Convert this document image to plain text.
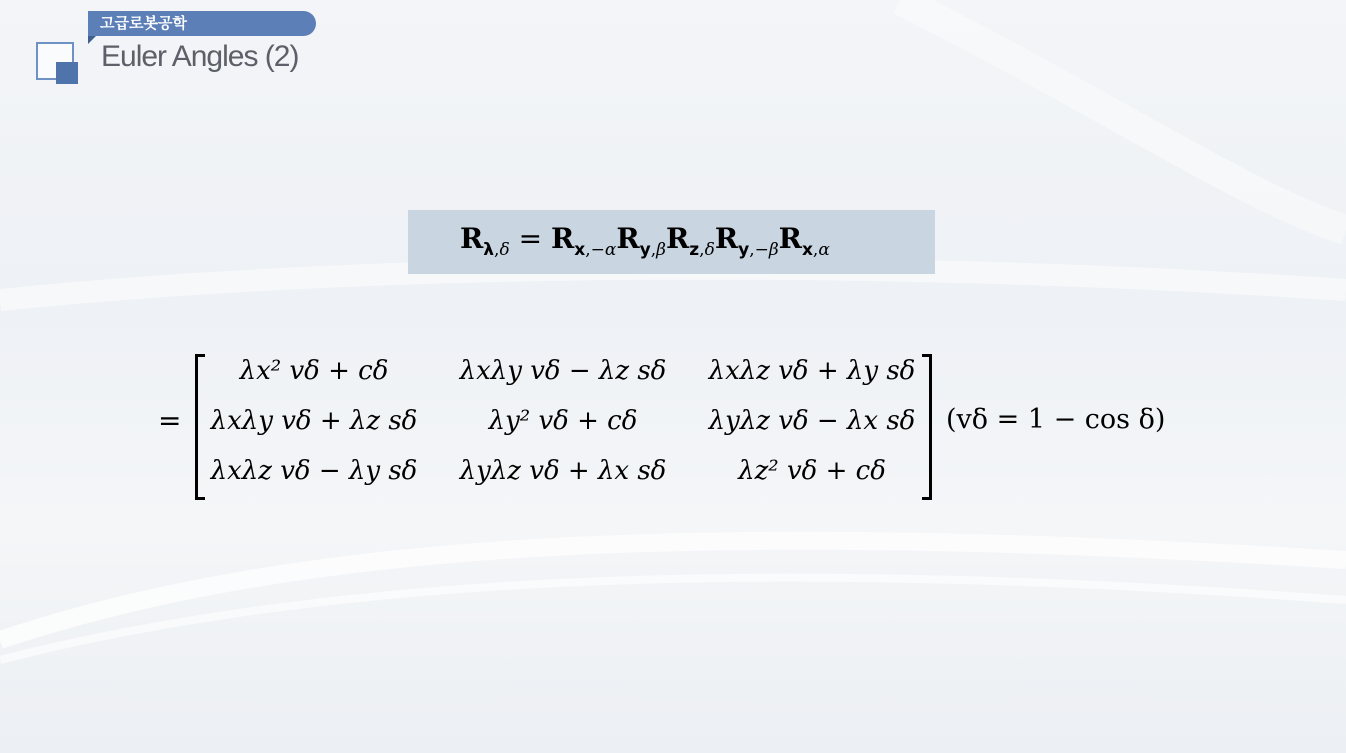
고급로봇공학
Euler Angles (2)
$R_{\lambda,\delta} = R_{x,-\alpha}R_{y,\beta}R_{z,\delta}R_{y,-\beta}R_{x,\alpha}$
=
λx² vδ + cδ	λxλy vδ − λz sδ	λxλz vδ + λy sδ
λxλy vδ + λz sδ	λy² vδ + cδ	λyλz vδ − λx sδ
λxλz vδ − λy sδ	λyλz vδ + λx sδ	λz² vδ + cδ
(vδ = 1 − cos δ)
